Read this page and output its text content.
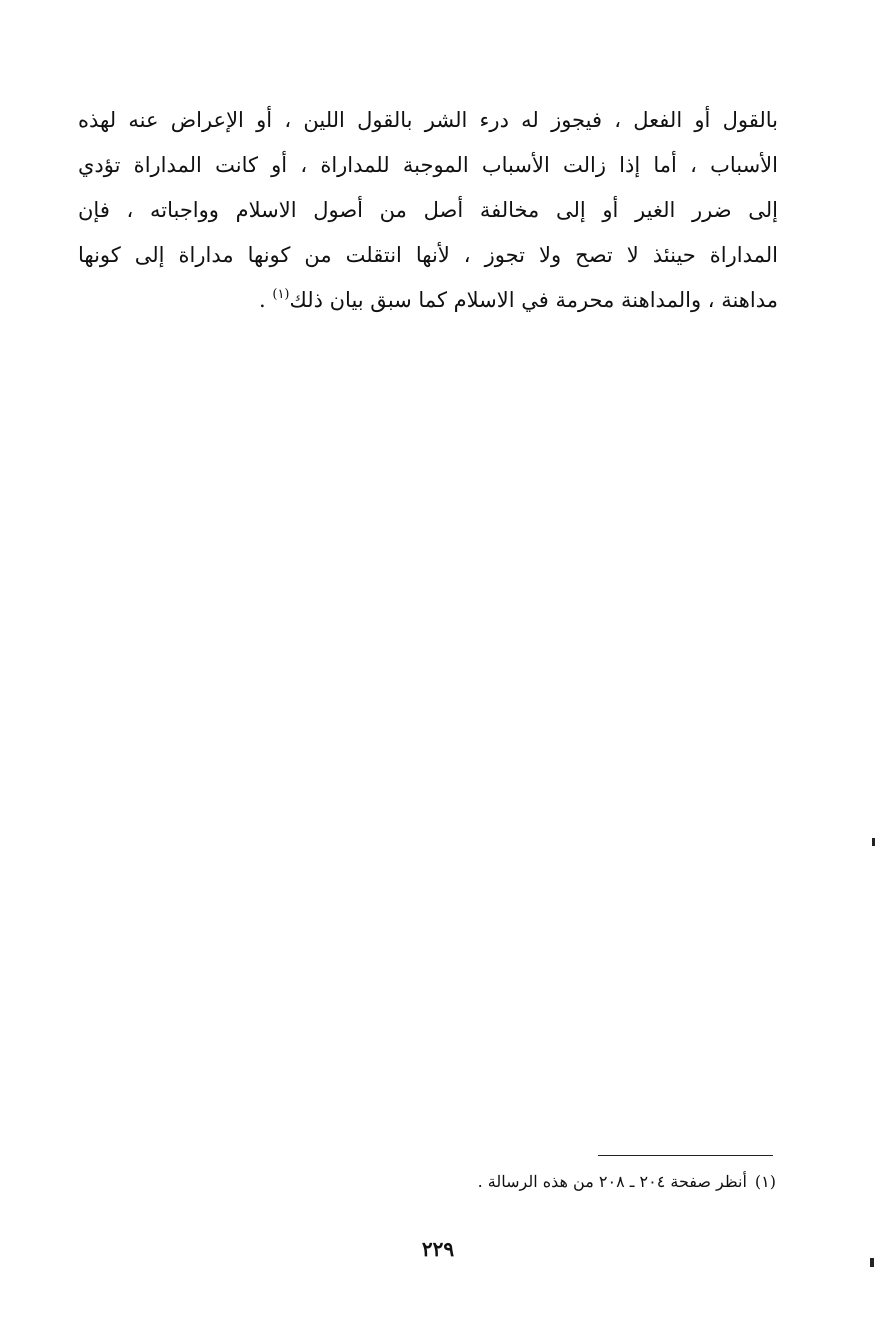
بالقول أو الفعل ، فيجوز له درء الشر بالقول اللين ، أو الإعراض عنه لهذه
الأسباب ، أما إذا زالت الأسباب الموجبة للمداراة ، أو كانت المداراة تؤدي
إلى ضرر الغير أو إلى مخالفة أصل من أصول الاسلام وواجباته ، فإن
المداراة حينئذ لا تصح ولا تجوز ، لأنها انتقلت من كونها مداراة إلى كونها
مداهنة ، والمداهنة محرمة في الاسلام كما سبق بيان ذلك$^{(١)}$ .
(١)أنظر صفحة ٢٠٤ ـ ٢٠٨ من هذه الرسالة .
٢٢٩
